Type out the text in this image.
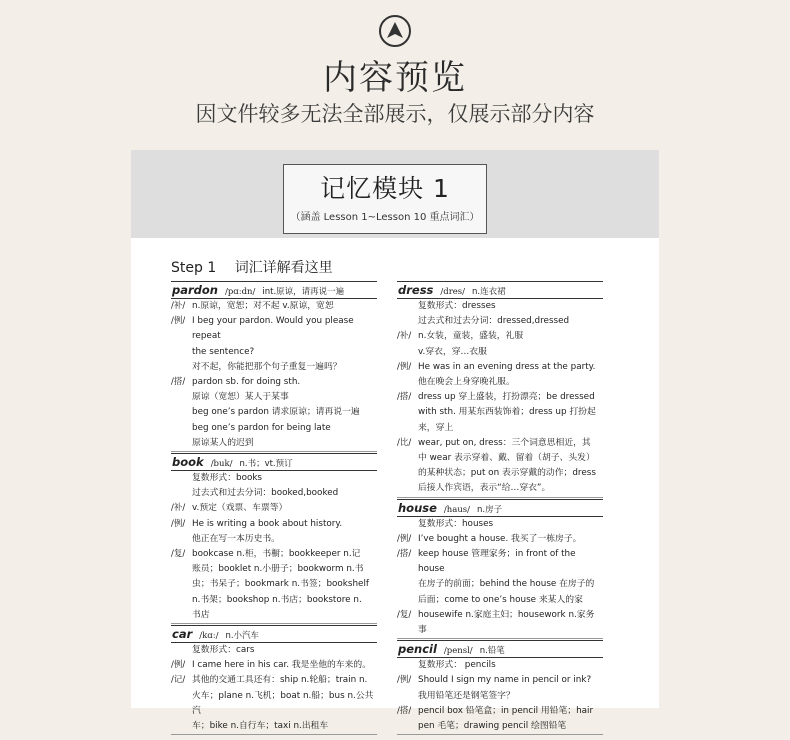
内容预览
因文件较多无法全部展示，仅展示部分内容
记忆模块 1
（涵盖 Lesson 1~Lesson 10 重点词汇）
Step 1 词汇详解看这里
pardon /pɑːdn/ int.原谅，请再说一遍
/补/ n.原谅，宽恕；对不起 v.原谅，宽恕
/例/ I beg your pardon. Would you please repeat
the sentence?
对不起，你能把那个句子重复一遍吗？
/搭/ pardon sb. for doing sth.
原谅（宽恕）某人于某事
beg one’s pardon 请求原谅；请再说一遍
beg one’s pardon for being late
原谅某人的迟到
book /buk/ n.书；vt.预订
复数形式：books
过去式和过去分词：booked,booked
/补/ v.预定（戏票、车票等）
/例/ He is writing a book about history.
他正在写一本历史书。
/复/ bookcase n.柜，书橱；bookkeeper n.记
账员；booklet n.小册子；bookworm n.书
虫；书呆子；bookmark n.书签；bookshelf
n.书架；bookshop n.书店；bookstore n.
书店
car /kɑː/ n.小汽车
复数形式：cars
/例/ I came here in his car. 我是坐他的车来的。
/记/ 其他的交通工具还有：ship n.轮船；train n.
火车；plane n.飞机；boat n.船；bus n.公共汽
车；bike n.自行车；taxi n.出租车
dress /dres/ n.连衣裙
复数形式：dresses
过去式和过去分词：dressed,dressed
/补/ n.女装，童装，盛装，礼服
v.穿衣，穿…衣服
/例/ He was in an evening dress at the party.
他在晚会上身穿晚礼服。
/搭/ dress up 穿上盛装，打扮漂亮；be dressed
with sth. 用某东西装饰着；dress up 打扮起
来，穿上
/比/ wear, put on, dress：三个词意思相近，其
中 wear 表示穿着、戴、留着（胡子、头发）
的某种状态；put on 表示穿戴的动作；dress
后接人作宾语，表示“给…穿衣”。
house /haus/ n.房子
复数形式：houses
/例/ I’ve bought a house. 我买了一栋房子。
/搭/ keep house 管理家务；in front of the house
在房子的前面；behind the house 在房子的
后面；come to one’s house 来某人的家
/复/ housewife n.家庭主妇；housework n.家务事
pencil /pensl/ n.铅笔
复数形式： pencils
/例/ Should I sign my name in pencil or ink?
我用铅笔还是钢笔签字？
/搭/ pencil box 铅笔盒；in pencil 用铅笔；hair
pen 毛笔；drawing pencil 绘图铅笔
